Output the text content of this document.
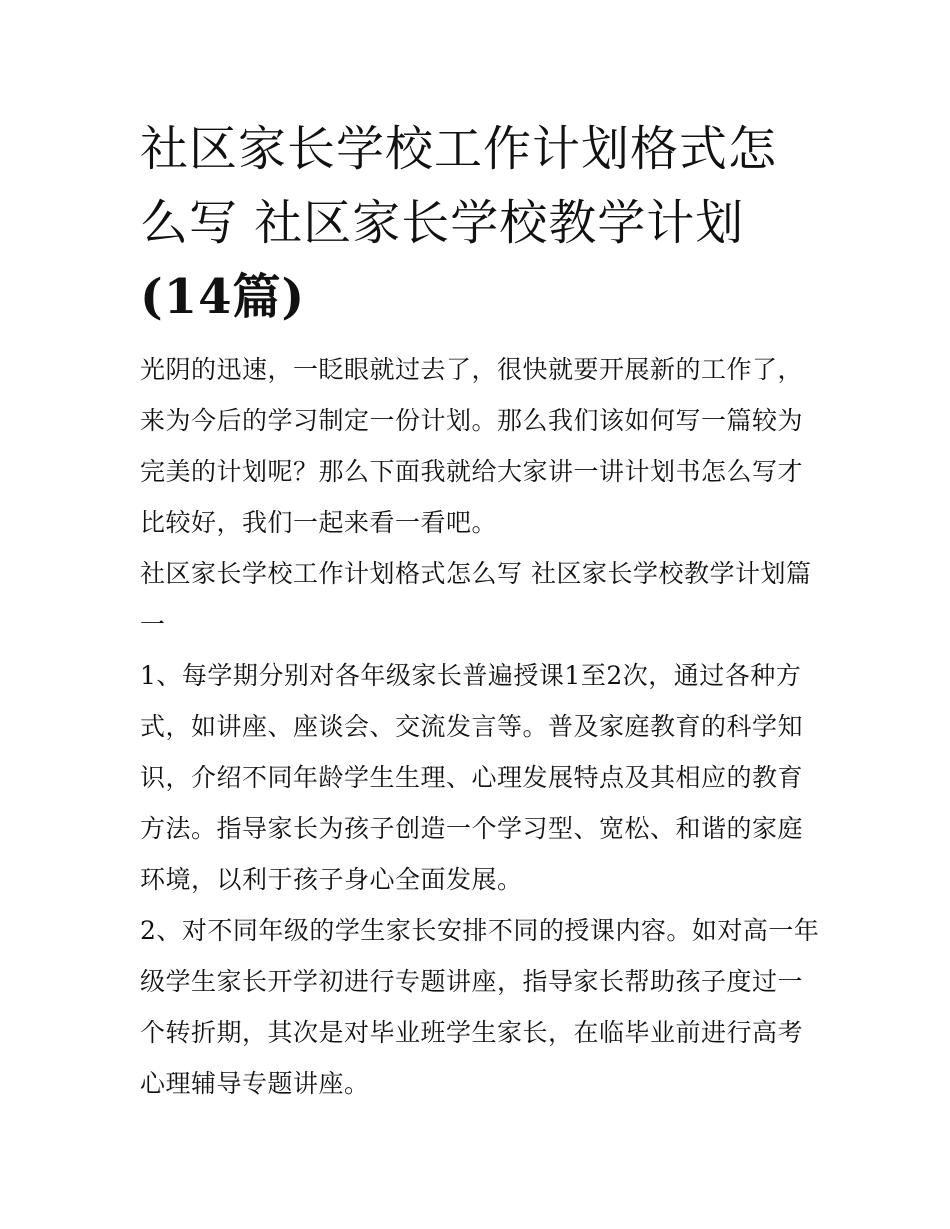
社区家长学校工作计划格式怎么写 社区家长学校教学计划
(14篇)

光阴的迅速，一眨眼就过去了，很快就要开展新的工作了，来为今后的学习制定一份计划。那么我们该如何写一篇较为完美的计划呢？那么下面我就给大家讲一讲计划书怎么写才比较好，我们一起来看一看吧。

社区家长学校工作计划格式怎么写 社区家长学校教学计划篇一

1、每学期分别对各年级家长普遍授课1至2次，通过各种方式，如讲座、座谈会、交流发言等。普及家庭教育的科学知识，介绍不同年龄学生生理、心理发展特点及其相应的教育方法。指导家长为孩子创造一个学习型、宽松、和谐的家庭环境，以利于孩子身心全面发展。

2、对不同年级的学生家长安排不同的授课内容。如对高一年级学生家长开学初进行专题讲座，指导家长帮助孩子度过一个转折期，其次是对毕业班学生家长，在临毕业前进行高考心理辅导专题讲座。
